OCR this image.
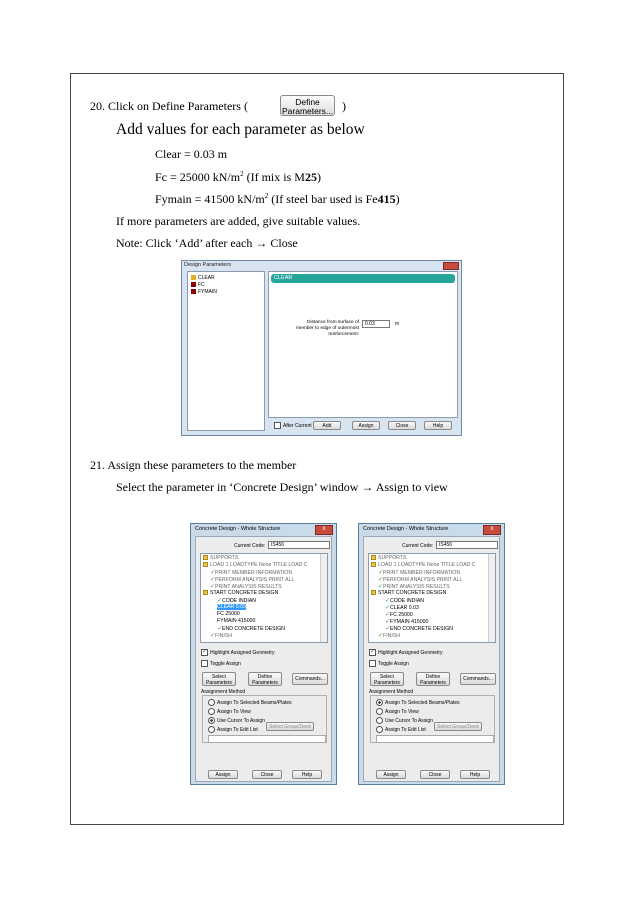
20. Click on Define Parameters (	Define
Parameters... )
Add values for each parameter as below
Clear = 0.03 m
Fc = 25000 $kN/m^2$ (If mix is M25)
Fymain = 41500 $kN/m^2$ (If steel bar used is Fe415)
If more parameters are added, give suitable values.
Note: Click ‘Add’ after each → Close
Design Parameters
CLEAR
FC
FYMAIN
CLEAR
Distance from surface of
member to edge of outermost
reinforcement:
0.03	m
After Current	Add	Assign	Close	Help
21. Assign these parameters to the member
Select the parameter in ‘Concrete Design’ window → Assign to view
Concrete Design - Whole Structure	x
Current Code:	IS456
SUPPORTS
LOAD 1 LOADTYPE None TITLE LOAD C
✓PRINT MEMBER INFORMATION
✓PERFORM ANALYSIS PRINT ALL
✓PRINT ANALYSIS RESULTS
START CONCRETE DESIGN
✓CODE INDIAN
CLEAR 0.03
FC 25000
FYMAIN 415000
✓END CONCRETE DESIGN
✓FINISH
✓ Highlight Assigned Geometry
Toggle Assign
Select
Parameters
Define
Parameters
Commands...
Assignment Method
Assign To Selected Beams/Plates
Assign To View
Use Cursor To Assign
Assign To Edit List	Select Group/Deck
Assign	Close	Help
Concrete Design - Whole Structure	x
Current Code:	IS456
SUPPORTS
LOAD 1 LOADTYPE None TITLE LOAD C
✓PRINT MEMBER INFORMATION
✓PERFORM ANALYSIS PRINT ALL
✓PRINT ANALYSIS RESULTS
START CONCRETE DESIGN
✓CODE INDIAN
✓CLEAR 0.03
✓FC 25000
✓FYMAIN 415000
✓END CONCRETE DESIGN
✓FINISH
✓ Highlight Assigned Geometry
Toggle Assign
Select
Parameters
Define
Parameters
Commands...
Assignment Method
Assign To Selected Beams/Plates
Assign To View
Use Cursor To Assign
Assign To Edit List	Select Group/Deck
Assign	Close	Help
